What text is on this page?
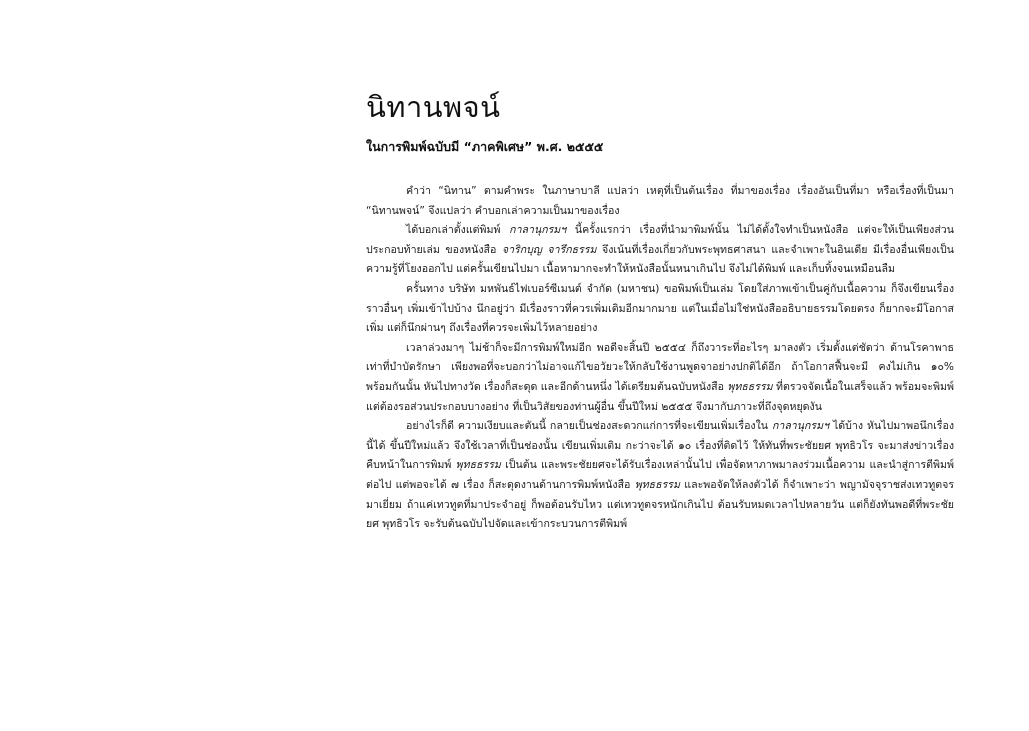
นิทานพจน์
ในการพิมพ์ฉบับมี “ภาคพิเศษ” พ.ศ. ๒๕๕๕

คำว่า “นิทาน” ตามคำพระ ในภาษาบาลี แปลว่า เหตุที่เป็นต้นเรื่อง ที่มาของเรื่อง เรื่องอันเป็นที่มา หรือเรื่องที่เป็นมา “นิทานพจน์” จึงแปลว่า คำบอกเล่าความเป็นมาของเรื่อง

ได้บอกเล่าตั้งแต่พิมพ์ กาลานุกรมฯ นี้ครั้งแรกว่า เรื่องที่นำมาพิมพ์นั้น ไม่ได้ตั้งใจทำเป็นหนังสือ แต่จะให้เป็นเพียงส่วนประกอบท้ายเล่ม ของหนังสือ จาริกบุญ จารึกธรรม จึงเน้นที่เรื่องเกี่ยวกับพระพุทธศาสนา และจำเพาะในอินเดีย มีเรื่องอื่นเพียงเป็นความรู้ที่โยงออกไป แต่ครั้นเขียนไปมา เนื้อหามากจะทำให้หนังสือนั้นหนาเกินไป จึงไม่ได้พิมพ์ และเก็บทิ้งจนเหมือนลืม

ครั้นทาง บริษัท มหพันธ์ไฟเบอร์ซีเมนต์ จำกัด (มหาชน) ขอพิมพ์เป็นเล่ม โดยใส่ภาพเข้าเป็นคู่กับเนื้อความ ก็จึงเขียนเรื่องราวอื่นๆ เพิ่มเข้าไปบ้าง นึกอยู่ว่า มีเรื่องราวที่ควรเพิ่มเติมอีกมากมาย แต่ในเมื่อไม่ใช่หนังสืออธิบายธรรมโดยตรง ก็ยากจะมีโอกาสเพิ่ม แต่ก็นึกผ่านๆ ถึงเรื่องที่ควรจะเพิ่มไว้หลายอย่าง

เวลาล่วงมาๆ ไม่ช้าก็จะมีการพิมพ์ใหม่อีก พอดีจะสิ้นปี ๒๕๕๔ ก็ถึงวาระที่อะไรๆ มาลงตัว เริ่มตั้งแต่ชัดว่า ด้านโรคาพาธ เท่าที่บำบัดรักษา เพียงพอที่จะบอกว่าไม่อาจแก้ไขอวัยวะให้กลับใช้งานพูดจาอย่างปกติได้อีก ถ้าโอกาสฟื้นจะมี คงไม่เกิน ๑๐% พร้อมกันนั้น หันไปทางวัด เรื่องก็สะดุด และอีกด้านหนึ่ง ได้เตรียมต้นฉบับหนังสือ พุทธธรรม ที่ตรวจจัดเนื้อในเสร็จแล้ว พร้อมจะพิมพ์ แต่ต้องรอส่วนประกอบบางอย่าง ที่เป็นวิสัยของท่านผู้อื่น ขึ้นปีใหม่ ๒๕๕๕ จึงมากับภาวะที่ถึงจุดหยุดงัน

อย่างไรก็ดี ความเงียบและตันนี้ กลายเป็นช่องสะดวกแก่การที่จะเขียนเพิ่มเรื่องใน กาลานุกรมฯ ได้บ้าง หันไปมาพอนึกเรื่องนี้ได้ ขึ้นปีใหม่แล้ว จึงใช้เวลาที่เป็นช่องนั้น เขียนเพิ่มเติม กะว่าจะได้ ๑๐ เรื่องที่ติดไว้ ให้ทันที่พระชัยยศ พุทธิวโร จะมาส่งข่าวเรื่องคืบหน้าในการพิมพ์ พุทธธรรม เป็นต้น และพระชัยยศจะได้รับเรื่องเหล่านั้นไป เพื่อจัดหาภาพมาลงร่วมเนื้อความ และนำสู่การตีพิมพ์ต่อไป แต่พอจะได้ ๗ เรื่อง ก็สะดุดงานด้านการพิมพ์หนังสือ พุทธธรรม และพอจัดให้ลงตัวได้ ก็จำเพาะว่า พญามัจจุราชส่งเทวทูตจรมาเยี่ยม ถ้าแค่เทวทูตที่มาประจำอยู่ ก็พอต้อนรับไหว แต่เทวทูตจรหนักเกินไป ต้อนรับหมดเวลาไปหลายวัน แต่ก็ยังทันพอดีที่พระชัยยศ พุทธิวโร จะรับต้นฉบับไปจัดและเข้ากระบวนการตีพิมพ์
